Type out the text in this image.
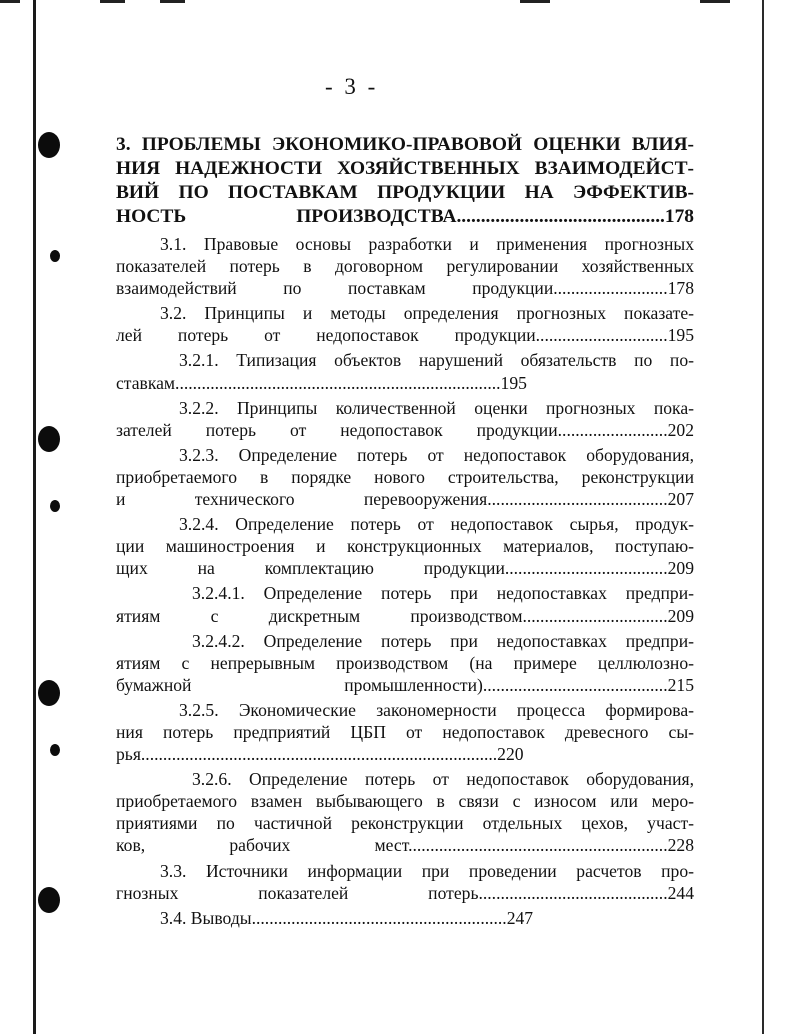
- 3 -
3. ПРОБЛЕМЫ ЭКОНОМИКО-ПРАВОВОЙ ОЦЕНКИ ВЛИЯ-
НИЯ НАДЕЖНОСТИ ХОЗЯЙСТВЕННЫХ ВЗАИМОДЕЙСТ-
ВИЙ ПО ПОСТАВКАМ ПРОДУКЦИИ НА ЭФФЕКТИВ-
НОСТЬ ПРОИЗВОДСТВА...........................................178
3.1. Правовые основы разработки и применения прогнозных
показателей потерь в договорном регулировании хозяйственных
взаимодействий по поставкам продукции..........................178
3.2. Принципы и методы определения прогнозных показате-
лей потерь от недопоставок продукции..............................195
3.2.1. Типизация объектов нарушений обязательств по по-
ставкам..........................................................................195
3.2.2. Принципы количественной оценки прогнозных пока-
зателей потерь от недопоставок продукции.........................202
3.2.3. Определение потерь от недопоставок оборудования,
приобретаемого в порядке нового строительства, реконструкции
и технического перевооружения.........................................207
3.2.4. Определение потерь от недопоставок сырья, продук-
ции машиностроения и конструкционных материалов, поступаю-
щих на комплектацию продукции.....................................209
3.2.4.1. Определение потерь при недопоставках предпри-
ятиям с дискретным производством.................................209
3.2.4.2. Определение потерь при недопоставках предпри-
ятиям с непрерывным производством (на примере целлюлозно-
бумажной промышленности)..........................................215
3.2.5. Экономические закономерности процесса формирова-
ния потерь предприятий ЦБП от недопоставок древесного сы-
рья.................................................................................220
3.2.6. Определение потерь от недопоставок оборудования,
приобретаемого взамен выбывающего в связи с износом или меро-
приятиями по частичной реконструкции отдельных цехов, участ-
ков, рабочих мест...........................................................228
3.3. Источники информации при проведении расчетов про-
гнозных показателей потерь...........................................244
3.4. Выводы..........................................................247
